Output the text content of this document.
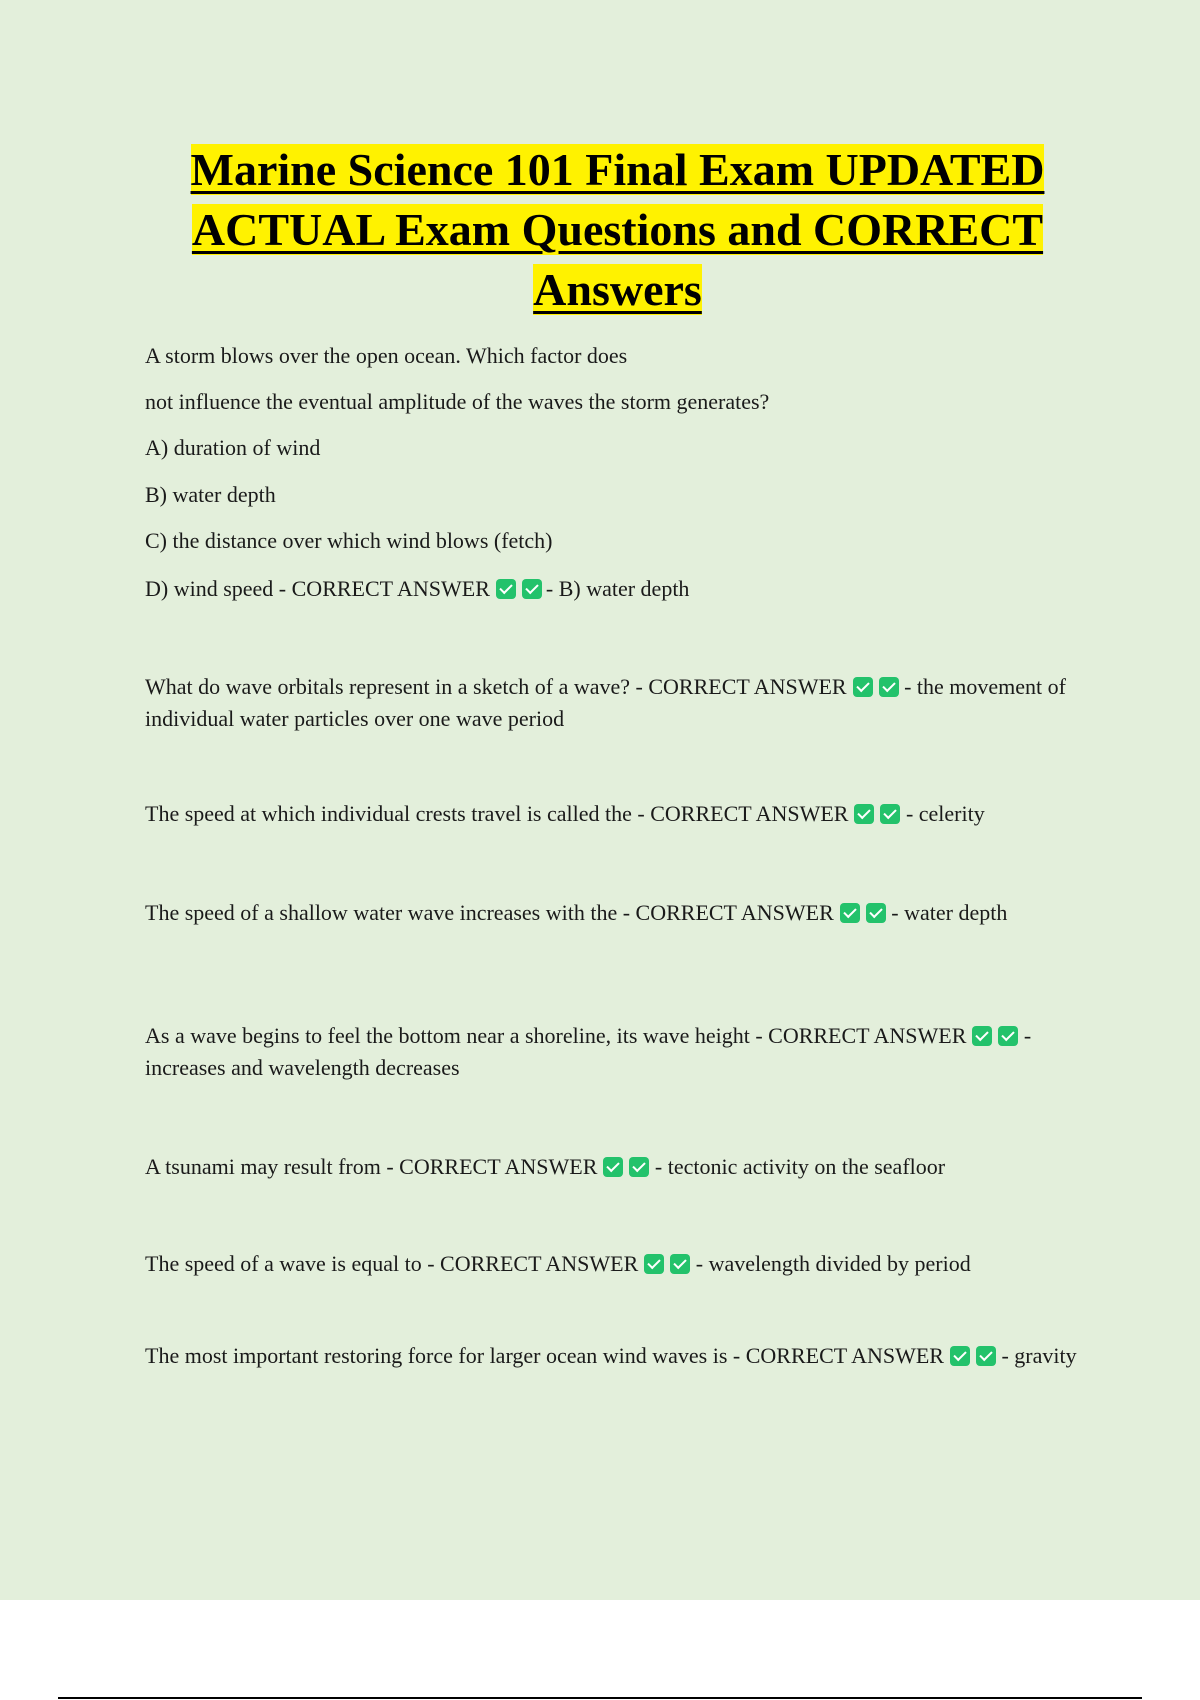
Marine Science 101 Final Exam UPDATED ACTUAL Exam Questions and CORRECT Answers

A storm blows over the open ocean. Which factor does

not influence the eventual amplitude of the waves the storm generates?

A) duration of wind

B) water depth

C) the distance over which wind blows (fetch)

D) wind speed - CORRECT ANSWER	- B) water depth

What do wave orbitals represent in a sketch of a wave? - CORRECT ANSWER	- the movement of individual water particles over one wave period

The speed at which individual crests travel is called the - CORRECT ANSWER	- celerity

The speed of a shallow water wave increases with the - CORRECT ANSWER	- water depth

As a wave begins to feel the bottom near a shoreline, its wave height - CORRECT ANSWER	- increases and wavelength decreases

A tsunami may result from - CORRECT ANSWER	- tectonic activity on the seafloor

The speed of a wave is equal to - CORRECT ANSWER	- wavelength divided by period

The most important restoring force for larger ocean wind waves is - CORRECT ANSWER	- gravity
